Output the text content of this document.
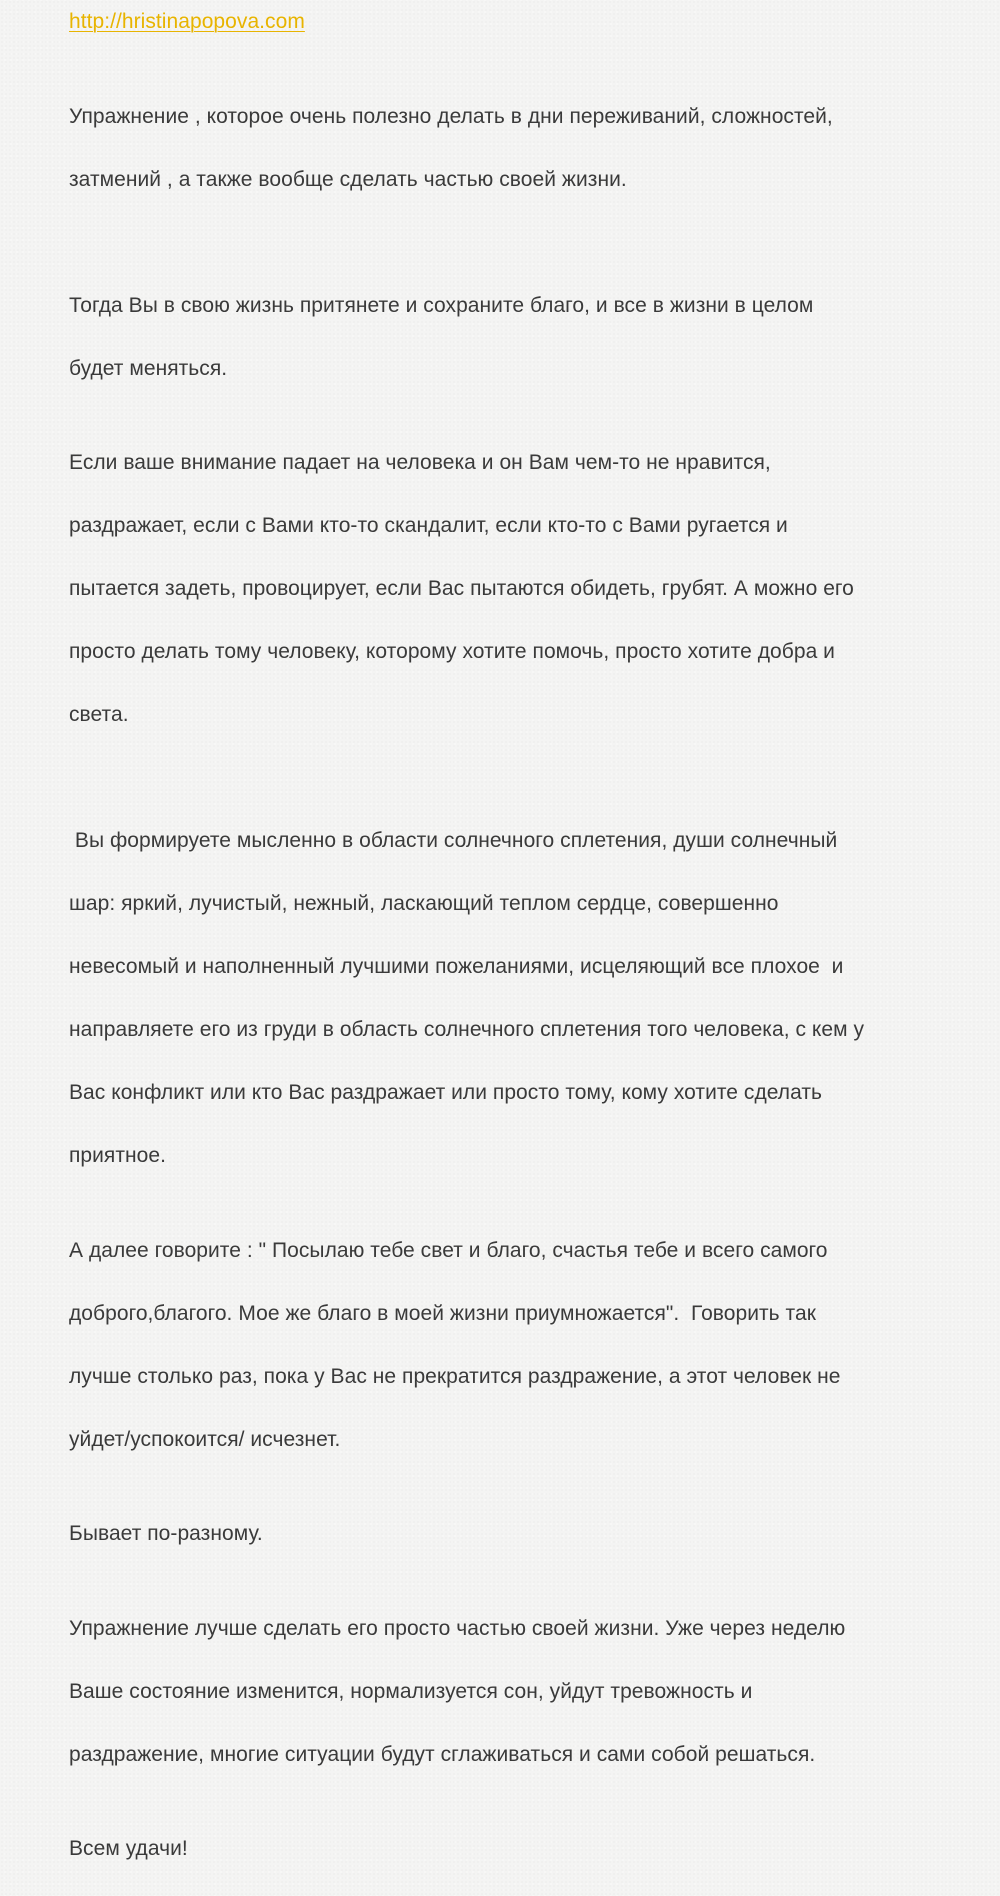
http://hristinapopova.com

Упражнение , которое очень полезно делать в дни переживаний, сложностей,

затмений , а также вообще сделать частью своей жизни.

Тогда Вы в свою жизнь притянете и сохраните благо, и все в жизни в целом

будет меняться.

Если ваше внимание падает на человека и он Вам чем-то не нравится,

раздражает, если с Вами кто-то скандалит, если кто-то с Вами ругается и

пытается задеть, провоцирует, если Вас пытаются обидеть, грубят. А можно его

просто делать тому человеку, которому хотите помочь, просто хотите добра и

света.

Вы формируете мысленно в области солнечного сплетения, души солнечный

шар: яркий, лучистый, нежный, ласкающий теплом сердце, совершенно

невесомый и наполненный лучшими пожеланиями, исцеляющий все плохое  и

направляете его из груди в область солнечного сплетения того человека, с кем у

Вас конфликт или кто Вас раздражает или просто тому, кому хотите сделать

приятное.

А далее говорите : " Посылаю тебе свет и благо, счастья тебе и всего самого

доброго,благого. Мое же благо в моей жизни приумножается".  Говорить так

лучше столько раз, пока у Вас не прекратится раздражение, а этот человек не

уйдет/успокоится/ исчезнет.

Бывает по-разному.

Упражнение лучше сделать его просто частью своей жизни. Уже через неделю

Ваше состояние изменится, нормализуется сон, уйдут тревожность и

раздражение, многие ситуации будут сглаживаться и сами собой решаться.

Всем удачи!
